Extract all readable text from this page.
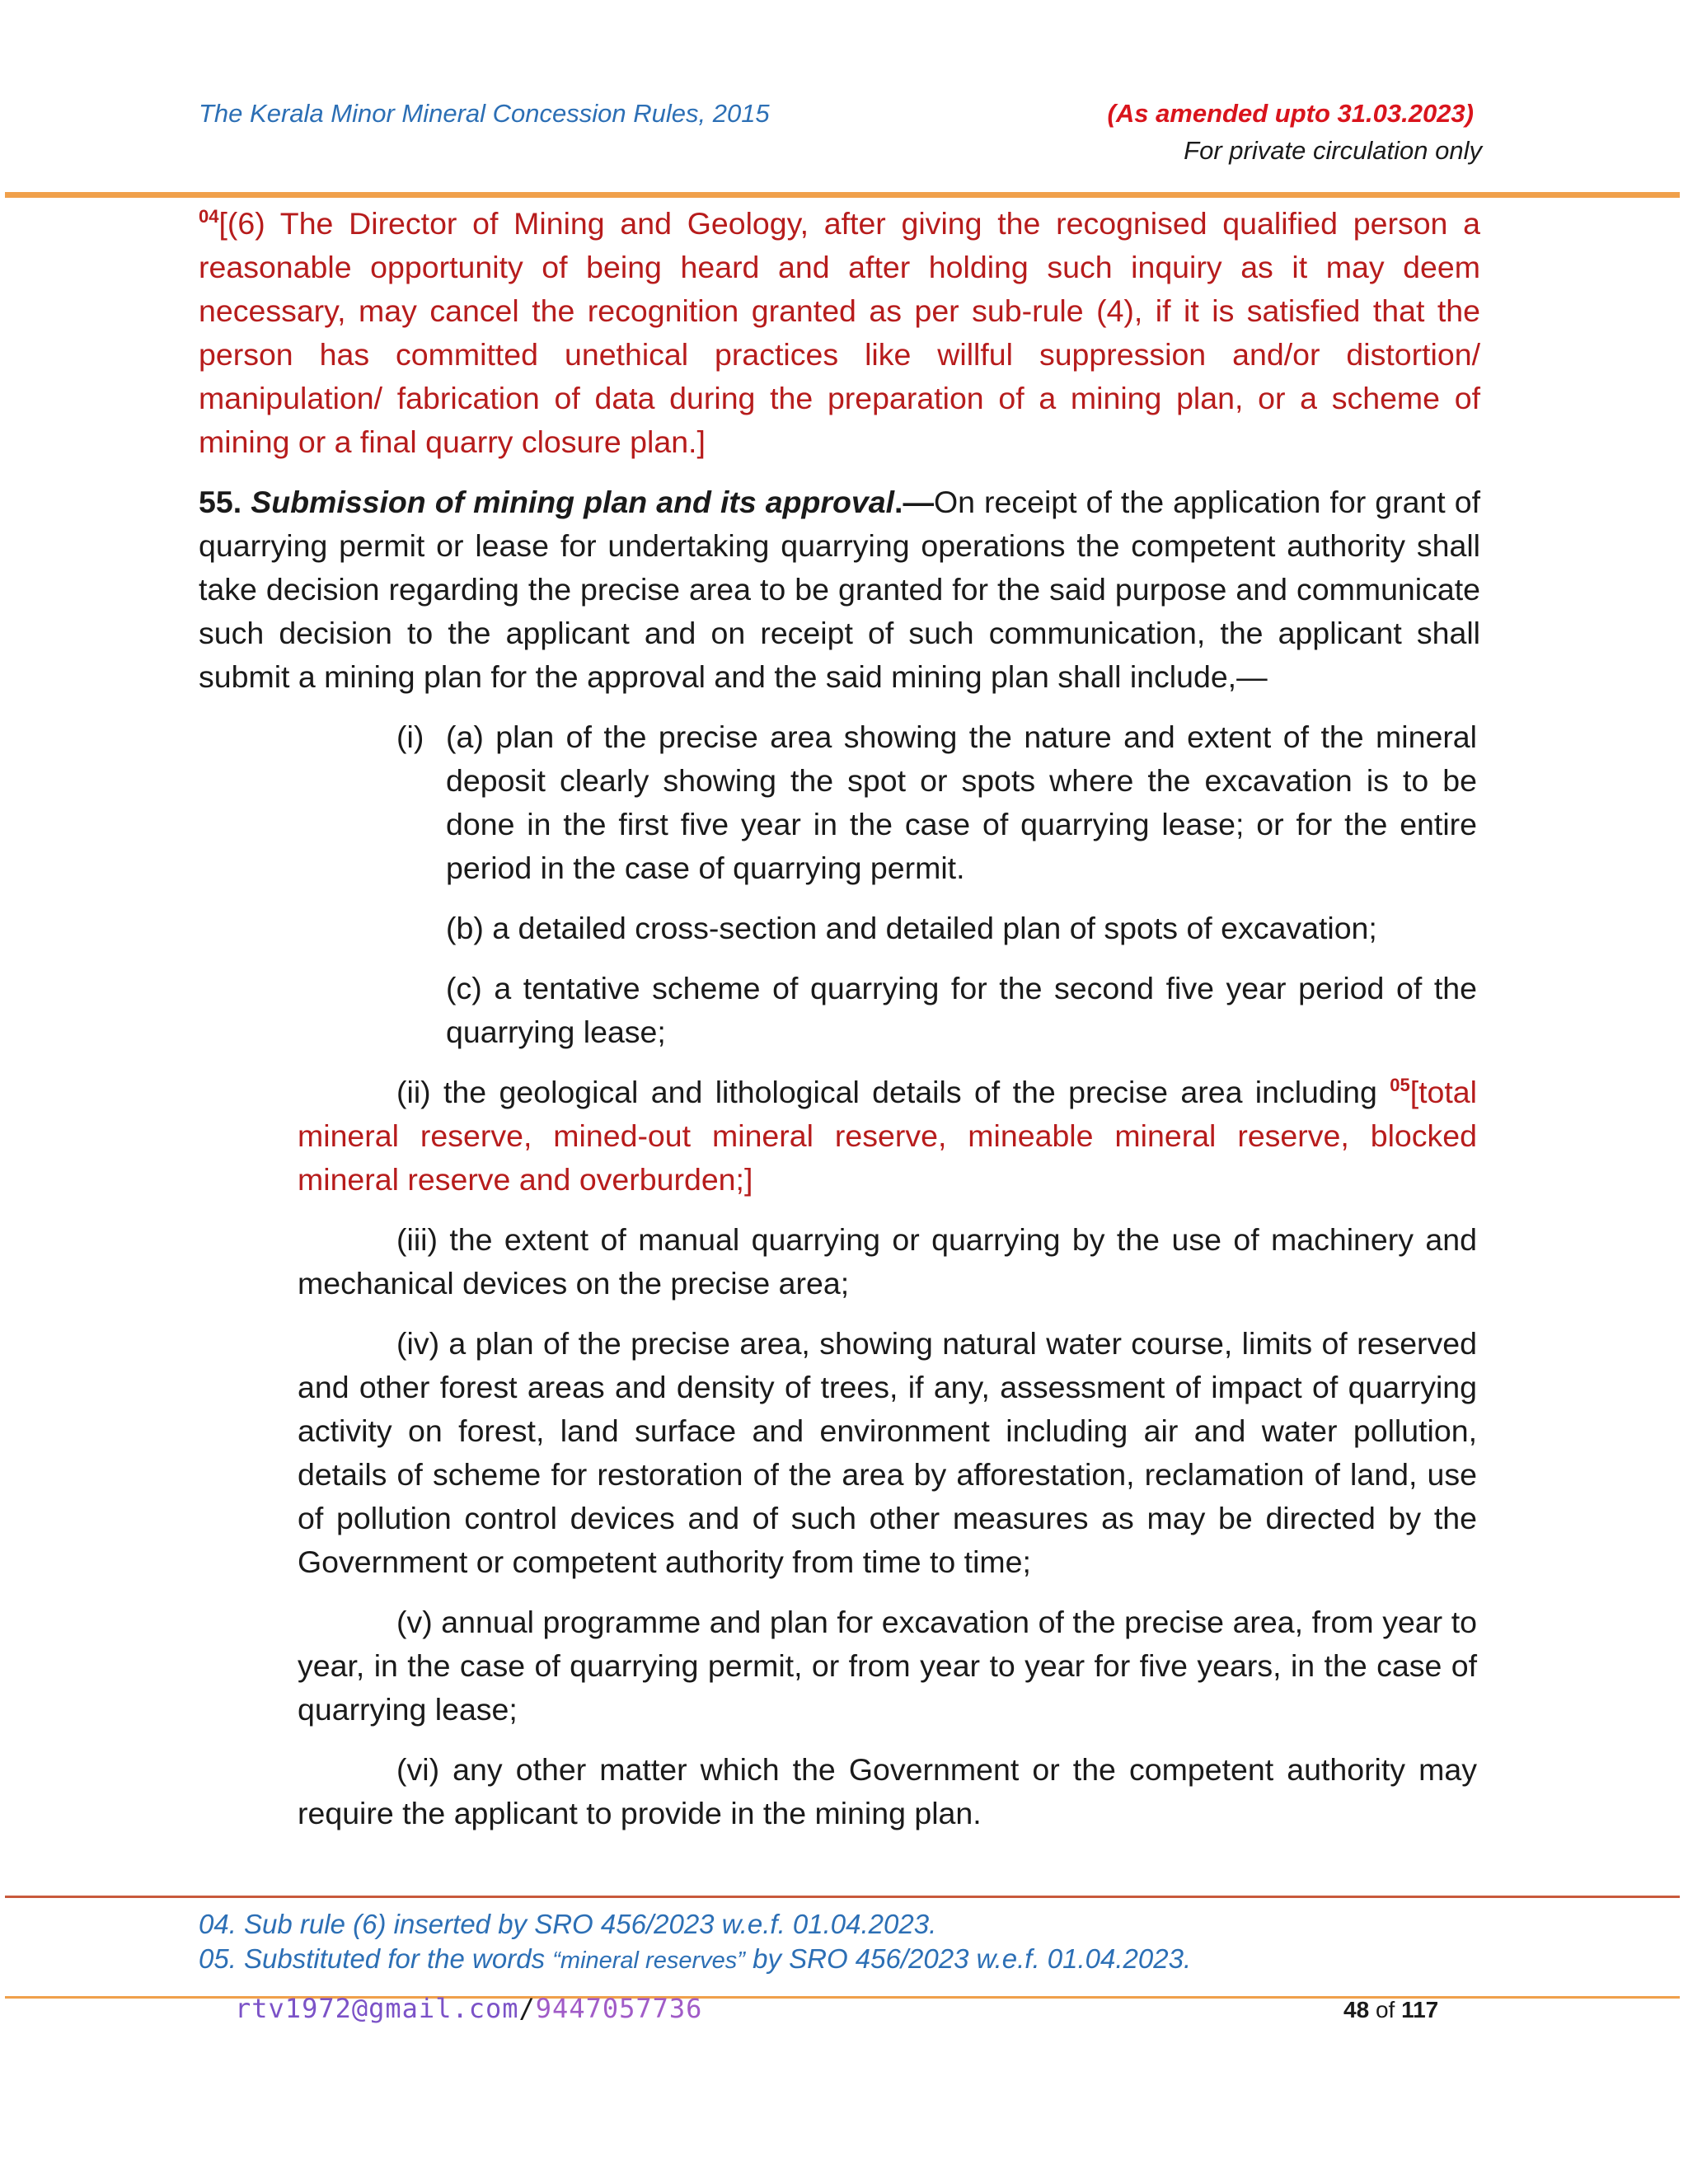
The Kerala Minor Mineral Concession Rules, 2015	(As amended upto 31.03.2023)
For private circulation only

$^{04}$[(6) The Director of Mining and Geology, after giving the recognised qualified person a reasonable opportunity of being heard and after holding such inquiry as it may deem necessary, may cancel the recognition granted as per sub-rule (4), if it is satisfied that the person has committed unethical practices like willful suppression and/or distortion/ manipulation/ fabrication of data during the preparation of a mining plan, or a scheme of mining or a final quarry closure plan.]

55. Submission of mining plan and its approval.—On receipt of the application for grant of quarrying permit or lease for undertaking quarrying operations the competent authority shall take decision regarding the precise area to be granted for the said purpose and communicate such decision to the applicant and on receipt of such communication, the applicant shall submit a mining plan for the approval and the said mining plan shall include,—

(i) (a) plan of the precise area showing the nature and extent of the mineral deposit clearly showing the spot or spots where the excavation is to be done in the first five year in the case of quarrying lease; or for the entire period in the case of quarrying permit.

(b) a detailed cross-section and detailed plan of spots of excavation;

(c) a tentative scheme of quarrying for the second five year period of the quarrying lease;

(ii) the geological and lithological details of the precise area including $^{05}$[total mineral reserve, mined-out mineral reserve, mineable mineral reserve, blocked mineral reserve and overburden;]

(iii) the extent of manual quarrying or quarrying by the use of machinery and mechanical devices on the precise area;

(iv) a plan of the precise area, showing natural water course, limits of reserved and other forest areas and density of trees, if any, assessment of impact of quarrying activity on forest, land surface and environment including air and water pollution, details of scheme for restoration of the area by afforestation, reclamation of land, use of pollution control devices and of such other measures as may be directed by the Government or competent authority from time to time;

(v) annual programme and plan for excavation of the precise area, from year to year, in the case of quarrying permit, or from year to year for five years, in the case of quarrying lease;

(vi) any other matter which the Government or the competent authority may require the applicant to provide in the mining plan.

04. Sub rule (6) inserted by SRO 456/2023 w.e.f. 01.04.2023.
05. Substituted for the words “mineral reserves” by SRO 456/2023 w.e.f. 01.04.2023.
rtv1972@gmail.com/9447057736	48 of 117
